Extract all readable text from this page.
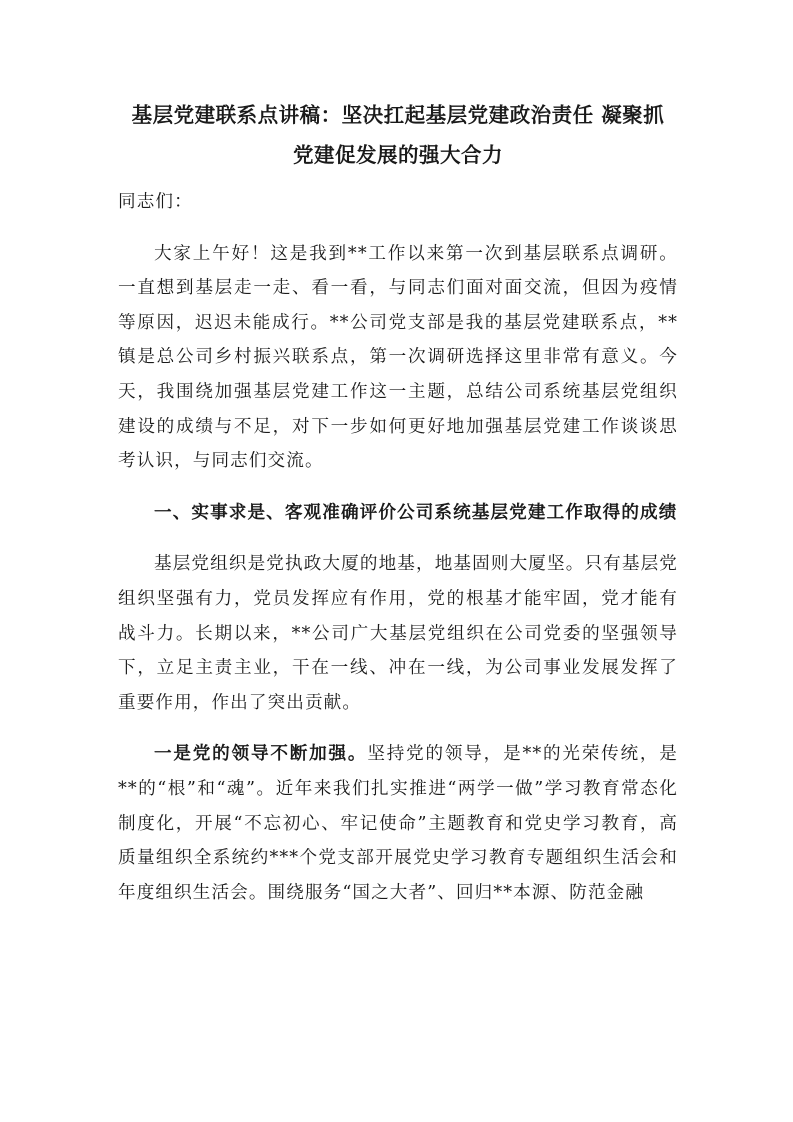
基层党建联系点讲稿：坚决扛起基层党建政治责任 凝聚抓
党建促发展的强大合力

同志们：

大家上午好！这是我到**工作以来第一次到基层联系点调研。一直想到基层走一走、看一看，与同志们面对面交流，但因为疫情等原因，迟迟未能成行。**公司党支部是我的基层党建联系点，**镇是总公司乡村振兴联系点，第一次调研选择这里非常有意义。今天，我围绕加强基层党建工作这一主题，总结公司系统基层党组织建设的成绩与不足，对下一步如何更好地加强基层党建工作谈谈思考认识，与同志们交流。

一、实事求是、客观准确评价公司系统基层党建工作取得的成绩

基层党组织是党执政大厦的地基，地基固则大厦坚。只有基层党组织坚强有力，党员发挥应有作用，党的根基才能牢固，党才能有战斗力。长期以来，**公司广大基层党组织在公司党委的坚强领导下，立足主责主业，干在一线、冲在一线，为公司事业发展发挥了重要作用，作出了突出贡献。

一是党的领导不断加强。坚持党的领导，是**的光荣传统，是**的“根”和“魂”。近年来我们扎实推进“两学一做”学习教育常态化制度化，开展“不忘初心、牢记使命”主题教育和党史学习教育，高质量组织全系统约***个党支部开展党史学习教育专题组织生活会和年度组织生活会。围绕服务“国之大者”、回归**本源、防范金融
